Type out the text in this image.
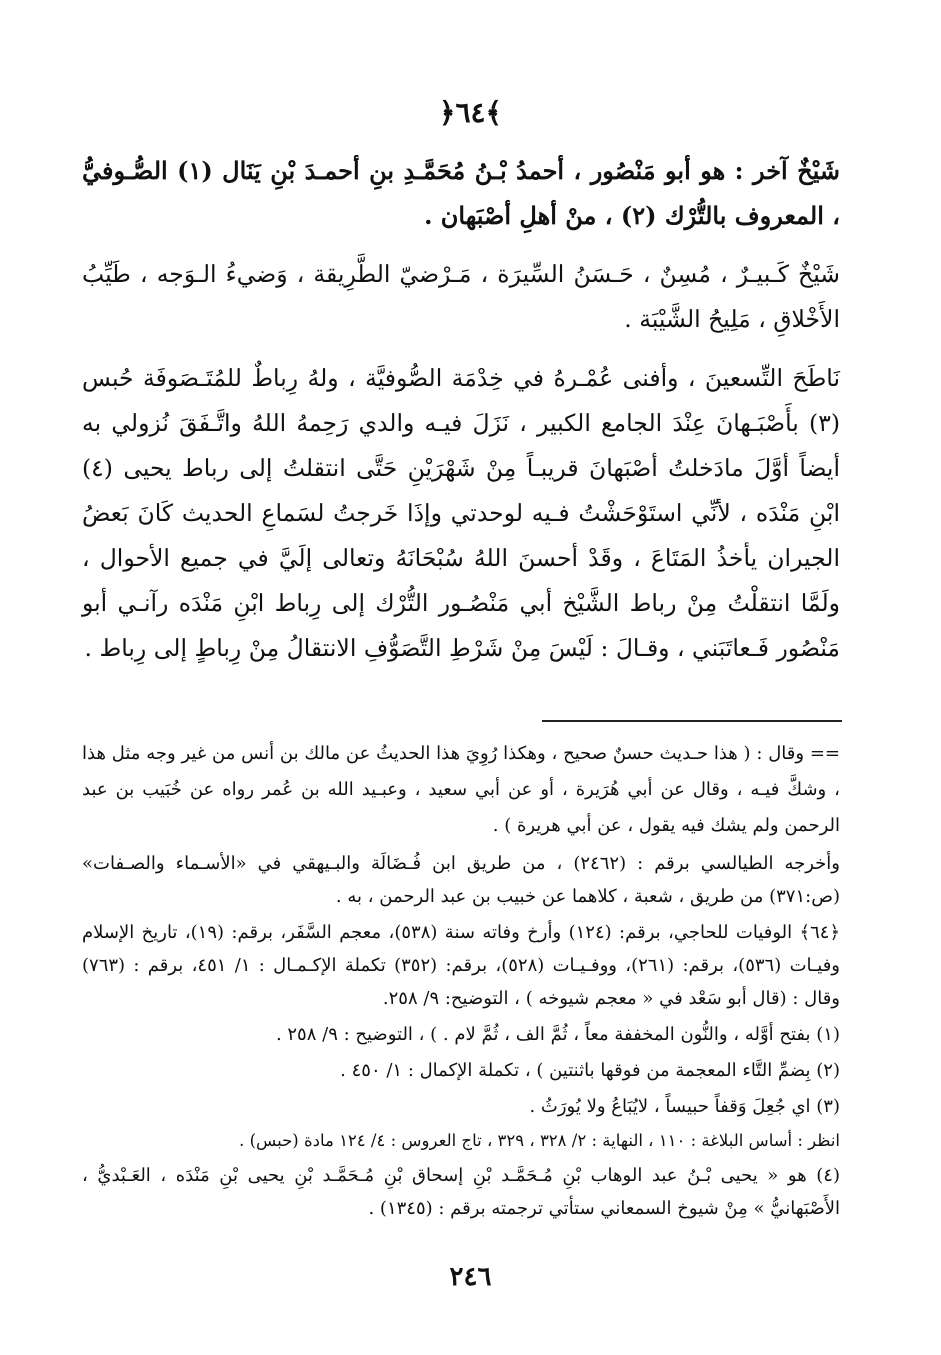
﴿٦٤﴾

شَيْخٌ آخر : هو أبو مَنْصُور ، أحمدُ بْـنُ مُحَمَّـدِ بنِ أحمـدَ بْنِ يَنَال (١) الصُّـوفيُّ ، المعروف بالتُّرْك (٢) ، منْ أهلِ أصْبَهان .

شَيْخٌ كَـبيـرٌ ، مُسِنٌ ، حَـسَنُ السِّيرَة ، مَـرْضيّ الطَّرِيقة ، وَضيءُ الـوَجه ، طَيِّبُ الأَخْلاقِ ، مَلِيحُ الشَّيْبَة .

نَاطَحَ التِّسعينَ ، وأفنى عُمْـرهُ في خِدْمَة الصُّوفيَّة ، ولهُ رِباطٌ للمُتَـصَوفَة حُبس (٣) بأَصْبَـهانَ عِنْدَ الجامع الكبير ، نَزَلَ فيـه والدي رَحِمهُ اللهُ واتَّـفَقَ نُزولي به أيضاً أوَّلَ مادَخلتُ أصْبَهانَ قريبـاً مِنْ شَهْرَيْنِ حَتَّى انتقلتُ إلى رباط يحيى (٤) ابْنِ مَنْدَه ، لأنِّي استَوْحَشْتُ فـيه لوحدتي وإذَا خَرجتُ لسَماعِ الحديث كَانَ بَعضُ الجيران يأخذُ المَتَاعَ ، وقَدْ أحسنَ اللهُ سُبْحَانَهُ وتعالى إلَيَّ في جميع الأحوال ، ولَمَّا انتقلْتُ مِنْ رباط الشَّيْخ أبي مَنْصُـور التُّرْك إلى رِباط ابْنِ مَنْدَه رآنـي أبو مَنْصُور فَـعاتَبَني ، وقـالَ : لَيْسَ مِنْ شَرْطِ التَّصَوُّفِ الانتقالُ مِنْ رِباطٍ إلى رِباط .

== وقال : ( هذا حـديث حسنٌ صحيح ، وهكذا رُوِيَ هذا الحديثُ عن مالك بن أنس من غير وجه مثل هذا ، وشكَّ فيـه ، وقال عن أبي هُرَيرة ، أو عن أبي سعيد ، وعبـيد الله بن عُمر رواه عن خُبَيب بن عبد الرحمن ولم يشك فيه يقول ، عن أبي هريرة ) .

وأخرجه الطيالسي برقم : (٢٤٦٢) ، من طريق ابن فُـضَالَة والبـيهقي في «الأسـماء والصـفات» (ص:٣٧١) من طريق ، شعبة ، كلاهما عن خبيب بن عبد الرحمن ، به .

﴿٦٤﴾ الوفيات للحاجي، برقم: (١٢٤) وأرخ وفاته سنة (٥٣٨)، معجم السَّفَر، برقم: (١٩)، تاريخ الإسلام وفيـات (٥٣٦)، برقم: (٢٦١)، ووفـيـات (٥٢٨)، برقم: (٣٥٢) تكملة الإكـمـال : ١/ ٤٥١، برقم : (٧٦٣) وقال : (قال أبو سَعْد في « معجم شيوخه ) ، التوضيح: ٩/ ٢٥٨.

(١) بفتح أوَّله ، والنُّون المخففة معاً ، ثُمَّ الف ، ثُمَّ لام . ) ، التوضيح : ٩/ ٢٥٨ .

(٢) بِضمِّ التَّاء المعجمة من فوقها باثنتين ) ، تكملة الإكمال : ١/ ٤٥٠ .

(٣) اي جُعِلَ وَقفاً حبيساً ، لايُبَاعُ ولا يُورَثُ .

انظر : أساس البلاغة : ١١٠ ، النهاية : ٢/ ٣٢٨ ، ٣٢٩ ، تاج العروس : ٤/ ١٢٤ مادة (حبس) .

(٤) هو « يحيى بْـنُ عبد الوهاب بْنِ مُـحَمَّـد بْنِ إسحاق بْنِ مُـحَمَّـد بْنِ يحيى بْنِ مَنْدَه ، العَـبْديُّ ، الأَصْبَهانيُّ » مِنْ شيوخ السمعاني ستأتي ترجمته برقم : (١٣٤٥) .

٢٤٦
